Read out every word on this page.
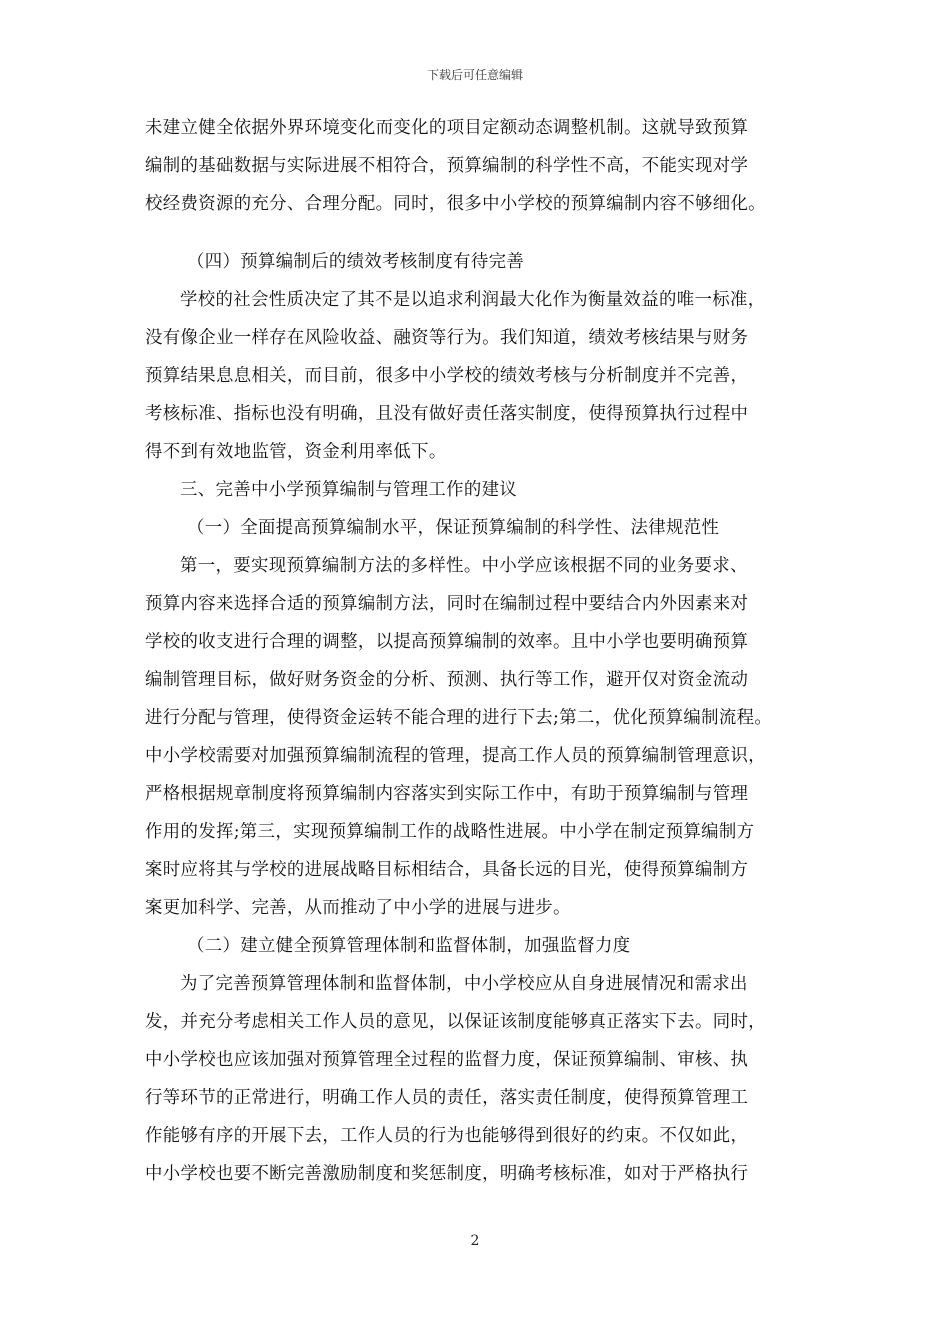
下载后可任意编辑
未建立健全依据外界环境变化而变化的项目定额动态调整机制。这就导致预算
编制的基础数据与实际进展不相符合，预算编制的科学性不高，不能实现对学
校经费资源的充分、合理分配。同时，很多中小学校的预算编制内容不够细化。
（四）预算编制后的绩效考核制度有待完善
学校的社会性质决定了其不是以追求利润最大化作为衡量效益的唯一标准，
没有像企业一样存在风险收益、融资等行为。我们知道，绩效考核结果与财务
预算结果息息相关，而目前，很多中小学校的绩效考核与分析制度并不完善，
考核标准、指标也没有明确，且没有做好责任落实制度，使得预算执行过程中
得不到有效地监管，资金利用率低下。
三、完善中小学预算编制与管理工作的建议
（一）全面提高预算编制水平，保证预算编制的科学性、法律规范性
第一，要实现预算编制方法的多样性。中小学应该根据不同的业务要求、
预算内容来选择合适的预算编制方法，同时在编制过程中要结合内外因素来对
学校的收支进行合理的调整，以提高预算编制的效率。且中小学也要明确预算
编制管理目标，做好财务资金的分析、预测、执行等工作，避开仅对资金流动
进行分配与管理，使得资金运转不能合理的进行下去;第二，优化预算编制流程。
中小学校需要对加强预算编制流程的管理，提高工作人员的预算编制管理意识，
严格根据规章制度将预算编制内容落实到实际工作中，有助于预算编制与管理
作用的发挥;第三，实现预算编制工作的战略性进展。中小学在制定预算编制方
案时应将其与学校的进展战略目标相结合，具备长远的目光，使得预算编制方
案更加科学、完善，从而推动了中小学的进展与进步。
（二）建立健全预算管理体制和监督体制，加强监督力度
为了完善预算管理体制和监督体制，中小学校应从自身进展情况和需求出
发，并充分考虑相关工作人员的意见，以保证该制度能够真正落实下去。同时，
中小学校也应该加强对预算管理全过程的监督力度，保证预算编制、审核、执
行等环节的正常进行，明确工作人员的责任，落实责任制度，使得预算管理工
作能够有序的开展下去，工作人员的行为也能够得到很好的约束。不仅如此，
中小学校也要不断完善激励制度和奖惩制度，明确考核标准，如对于严格执行
2
